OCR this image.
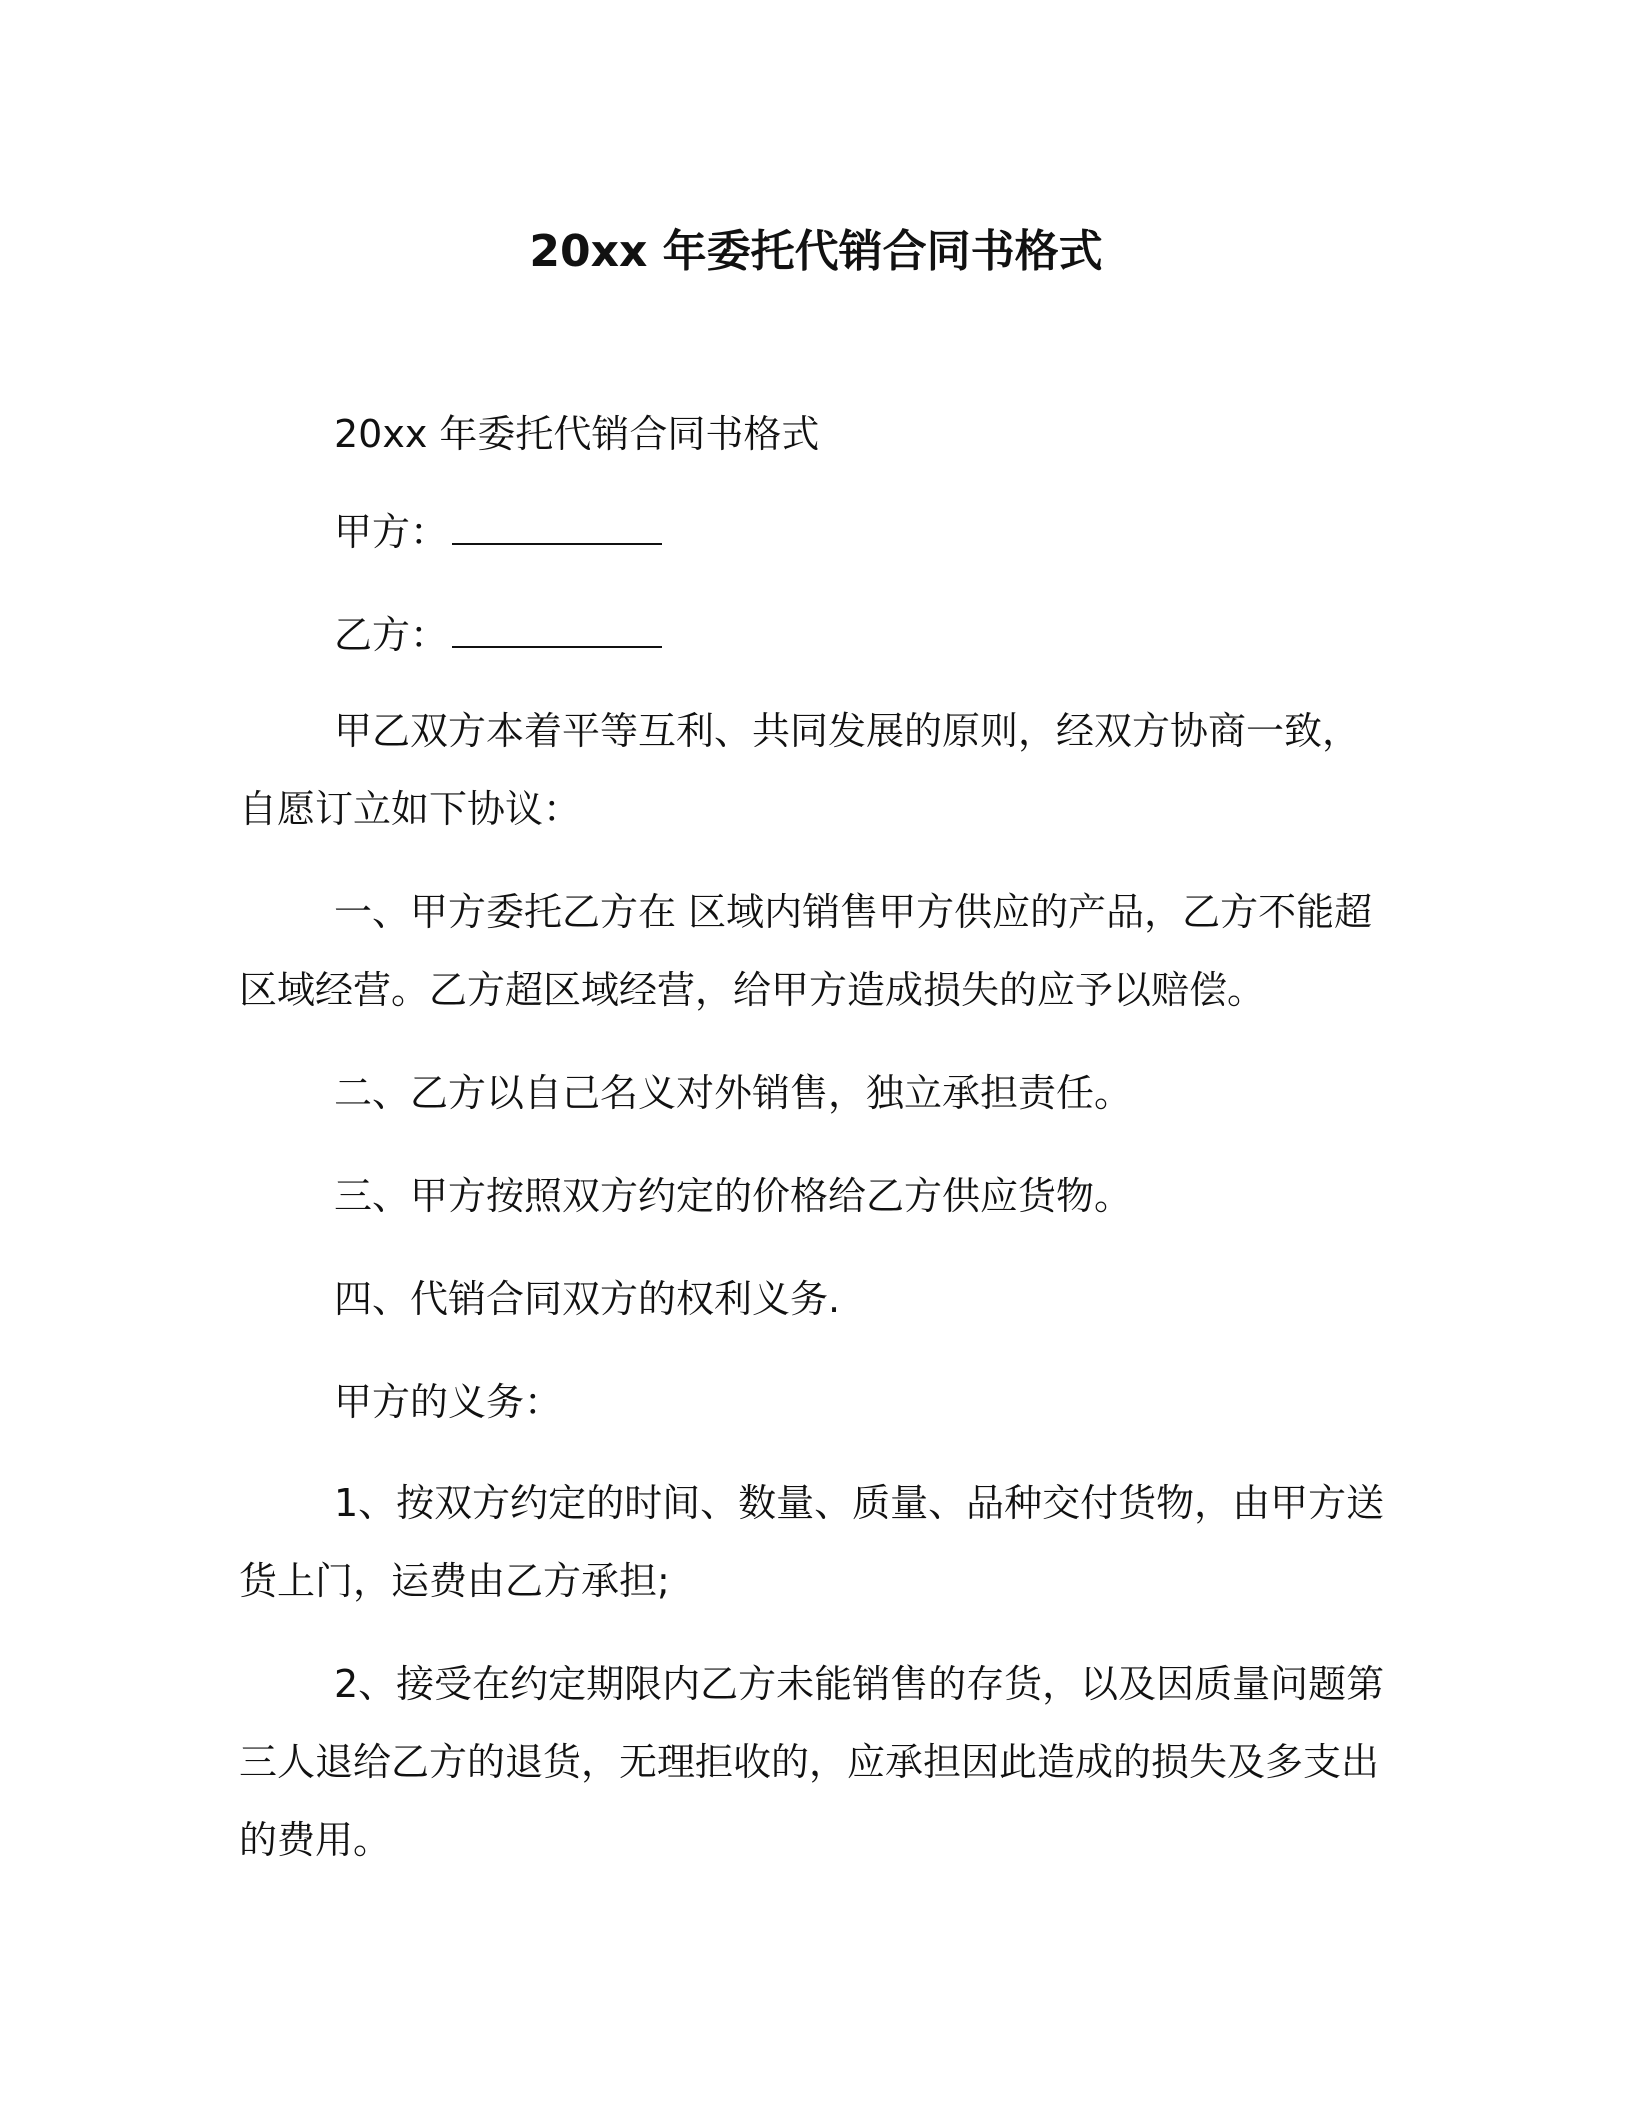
20xx 年委托代销合同书格式

20xx 年委托代销合同书格式

甲方：

乙方：

甲乙双方本着平等互利、共同发展的原则，经双方协商一致，自愿订立如下协议：

一、甲方委托乙方在 区域内销售甲方供应的产品，乙方不能超区域经营。乙方超区域经营，给甲方造成损失的应予以赔偿。

二、乙方以自己名义对外销售，独立承担责任。

三、甲方按照双方约定的价格给乙方供应货物。

四、代销合同双方的权利义务.

甲方的义务：

1、按双方约定的时间、数量、质量、品种交付货物，由甲方送货上门，运费由乙方承担;

2、接受在约定期限内乙方未能销售的存货，以及因质量问题第三人退给乙方的退货，无理拒收的，应承担因此造成的损失及多支出的费用。
